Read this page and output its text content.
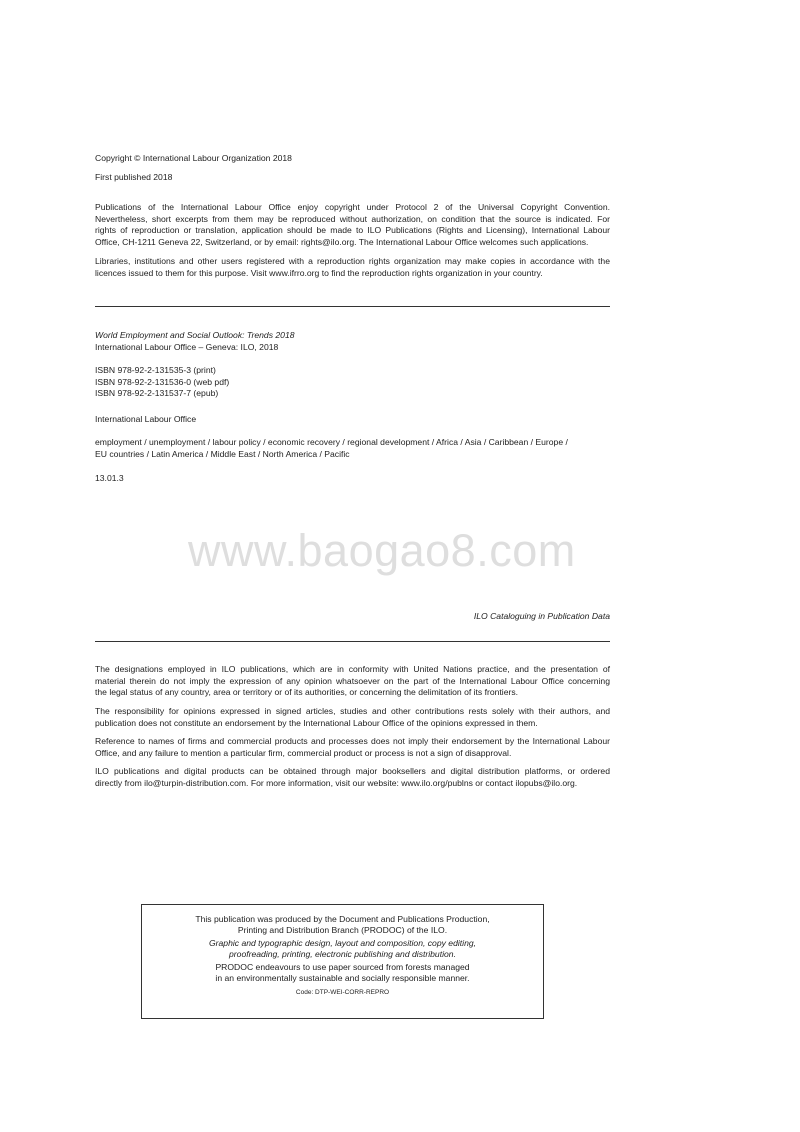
Copyright © International Labour Organization 2018

First published 2018

Publications of the International Labour Office enjoy copyright under Protocol 2 of the Universal Copyright Convention.

Nevertheless, short excerpts from them may be reproduced without authorization, on condition that the source is indicated. For

rights of reproduction or translation, application should be made to ILO Publications (Rights and Licensing), International Labour

Office, CH-1211 Geneva 22, Switzerland, or by email: rights@ilo.org. The International Labour Office welcomes such applications.

Libraries, institutions and other users registered with a reproduction rights organization may make copies in accordance with the

licences issued to them for this purpose. Visit www.ifrro.org to find the reproduction rights organization in your country.

World Employment and Social Outlook: Trends 2018

International Labour Office – Geneva: ILO, 2018

ISBN 978-92-2-131535-3 (print)

ISBN 978-92-2-131536-0 (web pdf)

ISBN 978-92-2-131537-7 (epub)

International Labour Office

employment / unemployment / labour policy / economic recovery / regional development / Africa / Asia / Caribbean / Europe /

EU countries / Latin America / Middle East / North America / Pacific

13.01.3

www.baogao8.com

ILO Cataloguing in Publication Data

The designations employed in ILO publications, which are in conformity with United Nations practice, and the presentation of

material therein do not imply the expression of any opinion whatsoever on the part of the International Labour Office concerning

the legal status of any country, area or territory or of its authorities, or concerning the delimitation of its frontiers.

The responsibility for opinions expressed in signed articles, studies and other contributions rests solely with their authors, and

publication does not constitute an endorsement by the International Labour Office of the opinions expressed in them.

Reference to names of firms and commercial products and processes does not imply their endorsement by the International Labour

Office, and any failure to mention a particular firm, commercial product or process is not a sign of disapproval.

ILO publications and digital products can be obtained through major booksellers and digital distribution platforms, or ordered

directly from ilo@turpin-distribution.com. For more information, visit our website: www.ilo.org/publns or contact ilopubs@ilo.org.

This publication was produced by the Document and Publications Production,

Printing and Distribution Branch (PRODOC) of the ILO.

Graphic and typographic design, layout and composition, copy editing,

proofreading, printing, electronic publishing and distribution.

PRODOC endeavours to use paper sourced from forests managed

in an environmentally sustainable and socially responsible manner.

Code: DTP-WEI-CORR-REPRO
